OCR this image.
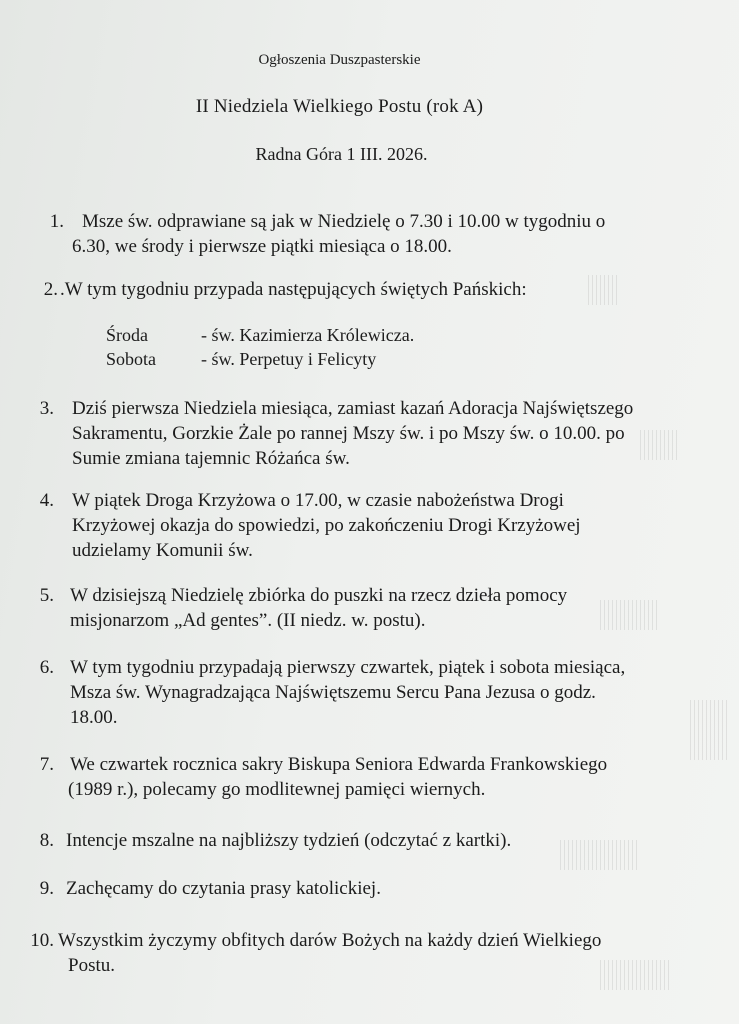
Ogłoszenia Duszpasterskie
II Niedziela Wielkiego Postu (rok A)
Radna Góra 1 III. 2026.
1. Msze św. odprawiane są jak w Niedzielę o 7.30 i 10.00 w tygodniu o
6.30, we środy i pierwsze piątki miesiąca o 18.00.
2. .W tym tygodniu przypada następujących świętych Pańskich:
Środa	- św. Kazimierza Królewicza.
Sobota - św. Perpetuy i Felicyty
3. Dziś pierwsza Niedziela miesiąca, zamiast kazań Adoracja Najświętszego
Sakramentu, Gorzkie Żale po rannej Mszy św. i po Mszy św. o 10.00. po
Sumie zmiana tajemnic Różańca św.
4. W piątek Droga Krzyżowa o 17.00, w czasie nabożeństwa Drogi
Krzyżowej okazja do spowiedzi, po zakończeniu Drogi Krzyżowej
udzielamy Komunii św.
5. W dzisiejszą Niedzielę zbiórka do puszki na rzecz dzieła pomocy
misjonarzom „Ad gentes”. (II niedz. w. postu).
6. W tym tygodniu przypadają pierwszy czwartek, piątek i sobota miesiąca,
Msza św. Wynagradzająca Najświętszemu Sercu Pana Jezusa o godz.
18.00.
7. We czwartek rocznica sakry Biskupa Seniora Edwarda Frankowskiego
(1989 r.), polecamy go modlitewnej pamięci wiernych.
8. Intencje mszalne na najbliższy tydzień (odczytać z kartki).
9. Zachęcamy do czytania prasy katolickiej.
10. Wszystkim życzymy obfitych darów Bożych na każdy dzień Wielkiego
Postu.
